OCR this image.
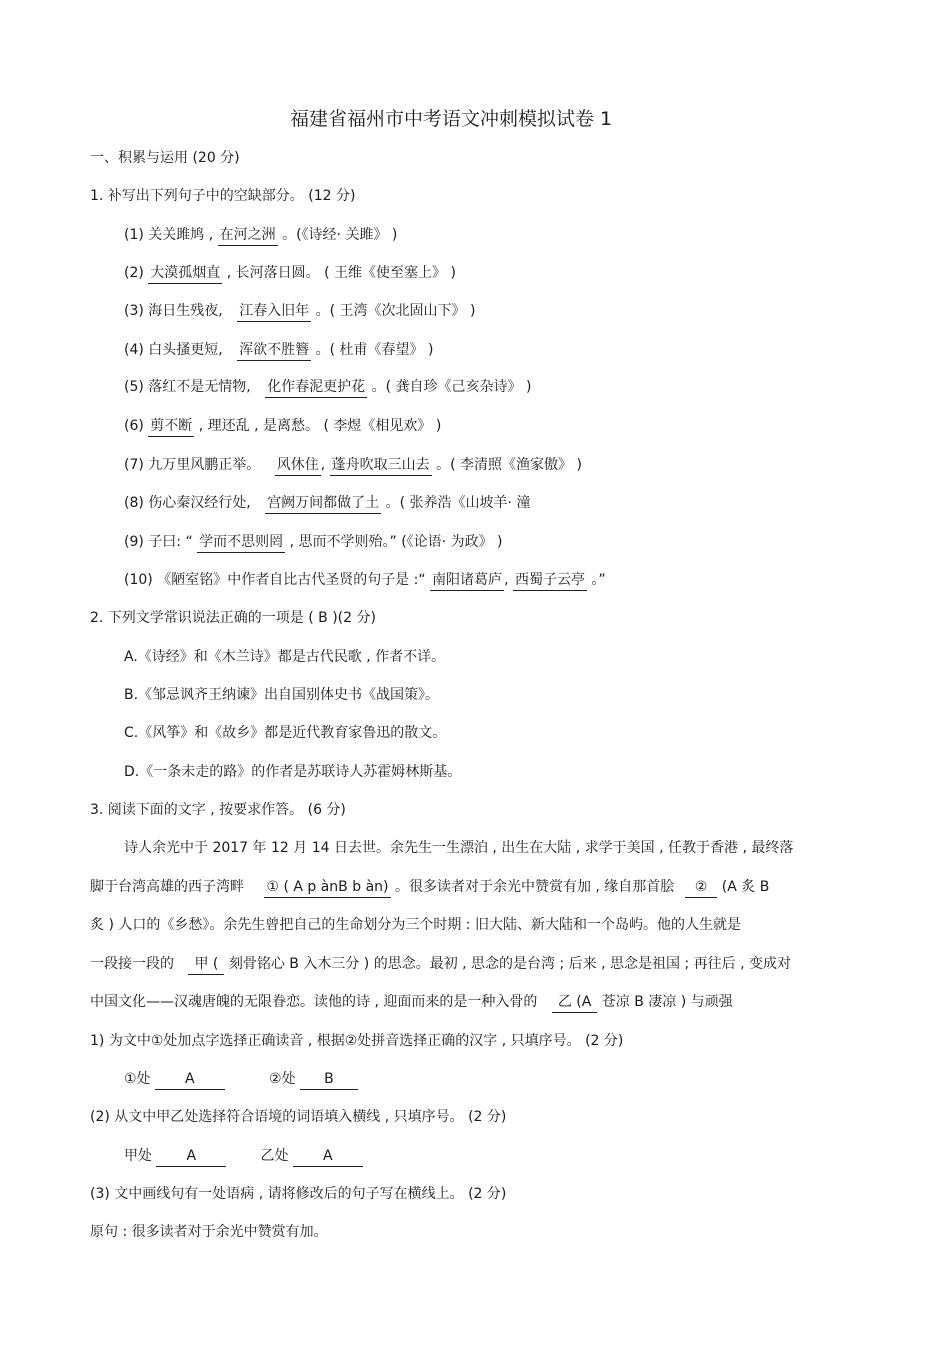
福建省福州市中考语文冲刺模拟试卷 1
一、积累与运用 (20 分)
1. 补写出下列句子中的空缺部分。 (12 分)
(1) 关关雎鸠 , 在河之洲 。(《诗经· 关雎》 )
(2) 大漠孤烟直 , 长河落日圆。 ( 王维《使至塞上》 )
(3) 海日生残夜, 江春入旧年 。( 王湾《次北固山下》 )
(4) 白头搔更短, 浑欲不胜簪 。( 杜甫《春望》 )
(5) 落红不是无情物, 化作春泥更护花 。( 龚自珍《己亥杂诗》 )
(6) 剪不断 , 理还乱 , 是离愁。 ( 李煜《相见欢》 )
(7) 九万里风鹏正举。 风休住 , 蓬舟吹取三山去 。( 李清照《渔家傲》 )
(8) 伤心秦汉经行处, 宫阙万间都做了土 。( 张养浩《山坡羊· 潼
(9) 子曰: “ 学而不思则罔 , 思而不学则殆。” (《论语· 为政》 )
(10) 《陋室铭》中作者自比古代圣贤的句子是 :“ 南阳诸葛庐 , 西蜀子云亭 。”
2. 下列文学常识说法正确的一项是 ( B )(2 分)
A.《诗经》和《木兰诗》都是古代民歌 , 作者不详。
B.《邹忌讽齐王纳谏》出自国别体史书《战国策》。
C.《风筝》和《故乡》都是近代教育家鲁迅的散文。
D.《一条未走的路》的作者是苏联诗人苏霍姆林斯基。
3. 阅读下面的文字 , 按要求作答。 (6 分)
诗人余光中于 2017 年 12 月 14 日去世。余先生一生漂泊 , 出生在大陆 , 求学于美国 , 任教于香港 , 最终落
脚于台湾高雄的西子湾畔 ① ( A p ànB b àn) 。很多读者对于余光中赞赏有加 , 缘自那首脍 ② (A 炙 B
炙 ) 人口的《乡愁》。余先生曾把自己的生命划分为三个时期 : 旧大陆、新大陆和一个岛屿。他的人生就是
一段接一段的 甲 ( 刻骨铭心 B 入木三分 ) 的思念。最初 , 思念的是台湾 ; 后来 , 思念是祖国 ; 再往后 , 变成对
中国文化——汉魂唐魄的无限眷恋。读他的诗 , 迎面而来的是一种入骨的 乙 (A 苍凉 B 凄凉 ) 与顽强
1) 为文中①处加点字选择正确读音 , 根据②处拼音选择正确的汉字 , 只填序号。 (2 分)
①处 A	②处 B
(2) 从文中甲乙处选择符合语境的词语填入横线 , 只填序号。 (2 分)
甲处 A	乙处 A
(3) 文中画线句有一处语病 , 请将修改后的句子写在横线上。 (2 分)
原句 : 很多读者对于余光中赞赏有加。
